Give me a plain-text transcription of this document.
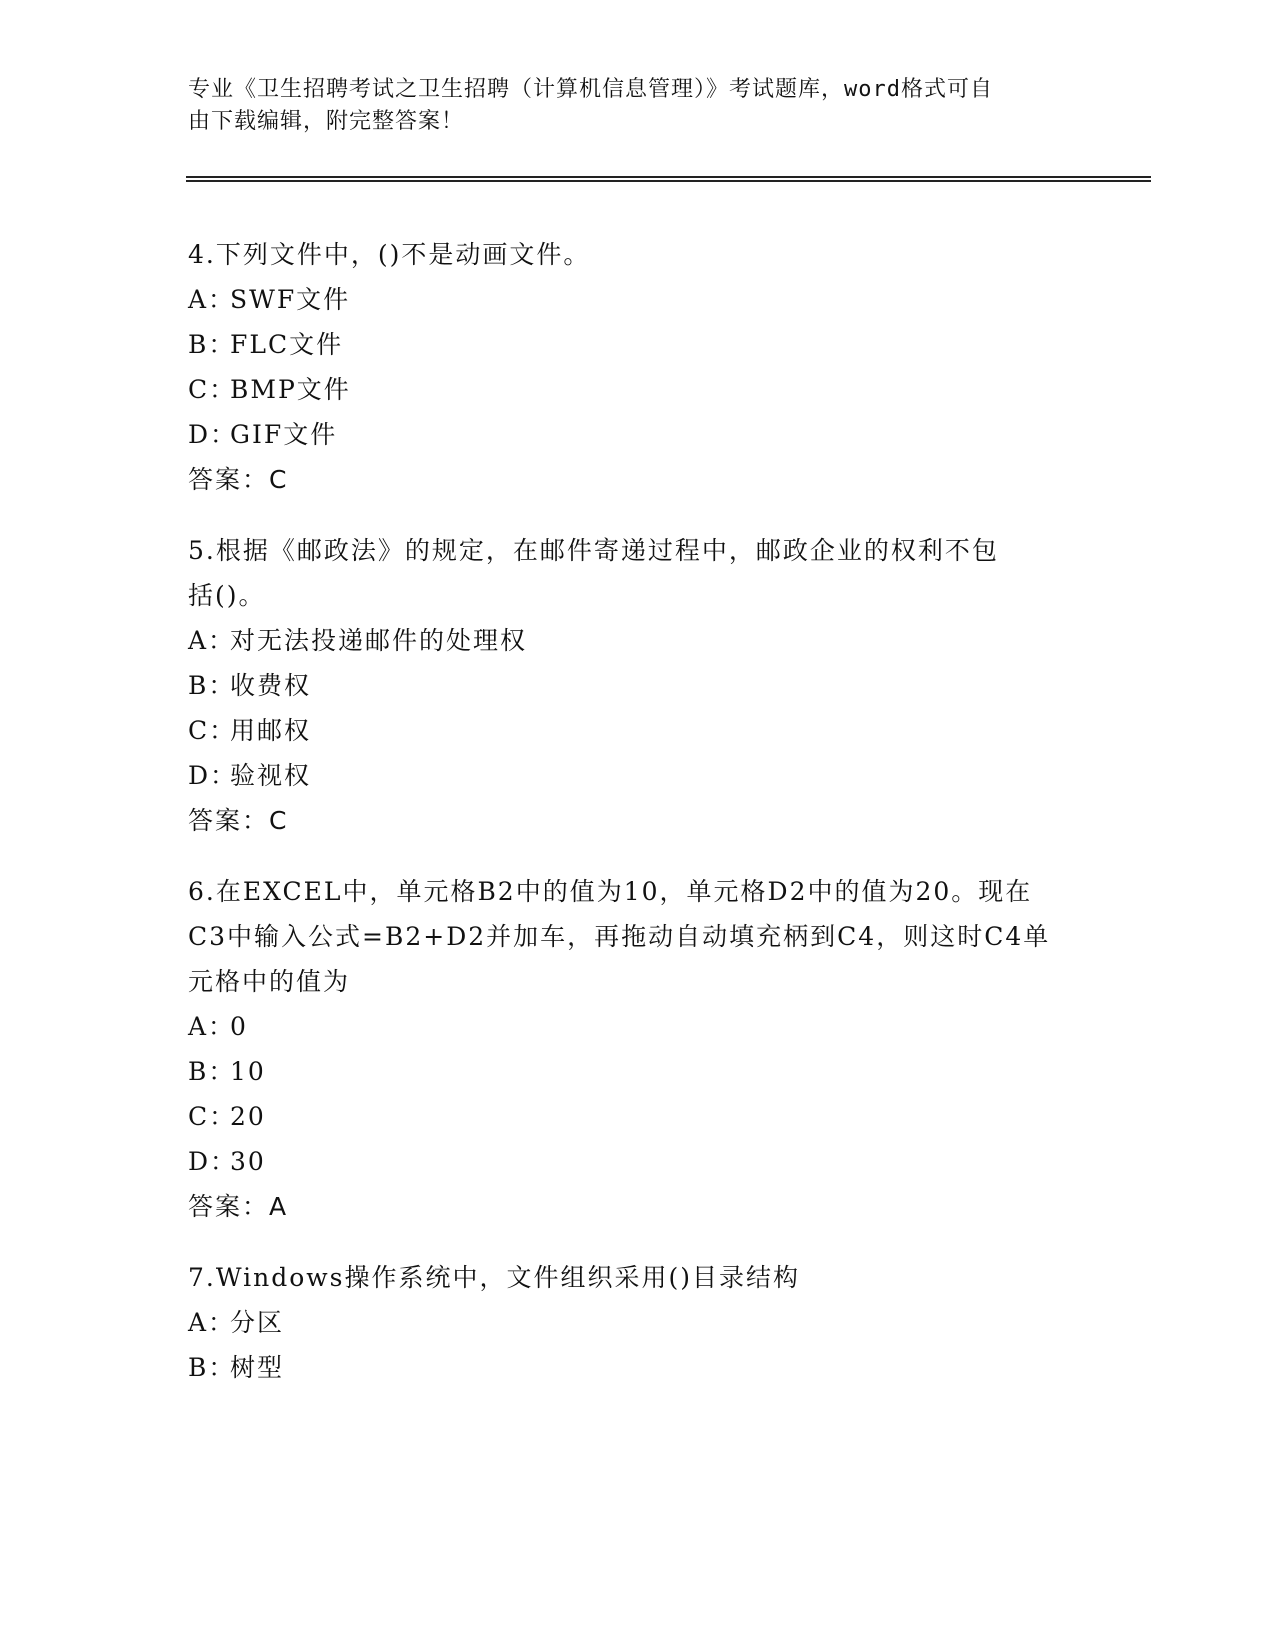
专业《卫生招聘考试之卫生招聘（计算机信息管理）》考试题库，word格式可自
由下载编辑，附完整答案！
4.下列文件中，()不是动画文件。
A：SWF文件
B：FLC文件
C：BMP文件
D：GIF文件
答案：C
5.根据《邮政法》的规定，在邮件寄递过程中，邮政企业的权利不包
括()。
A：对无法投递邮件的处理权
B：收费权
C：用邮权
D：验视权
答案：C
6.在EXCEL中，单元格B2中的值为10，单元格D2中的值为20。现在
C3中输入公式=B2+D2并加车，再拖动自动填充柄到C4，则这时C4单
元格中的值为
A：0
B：10
C：20
D：30
答案：A
7.Windows操作系统中，文件组织采用()目录结构
A：分区
B：树型
